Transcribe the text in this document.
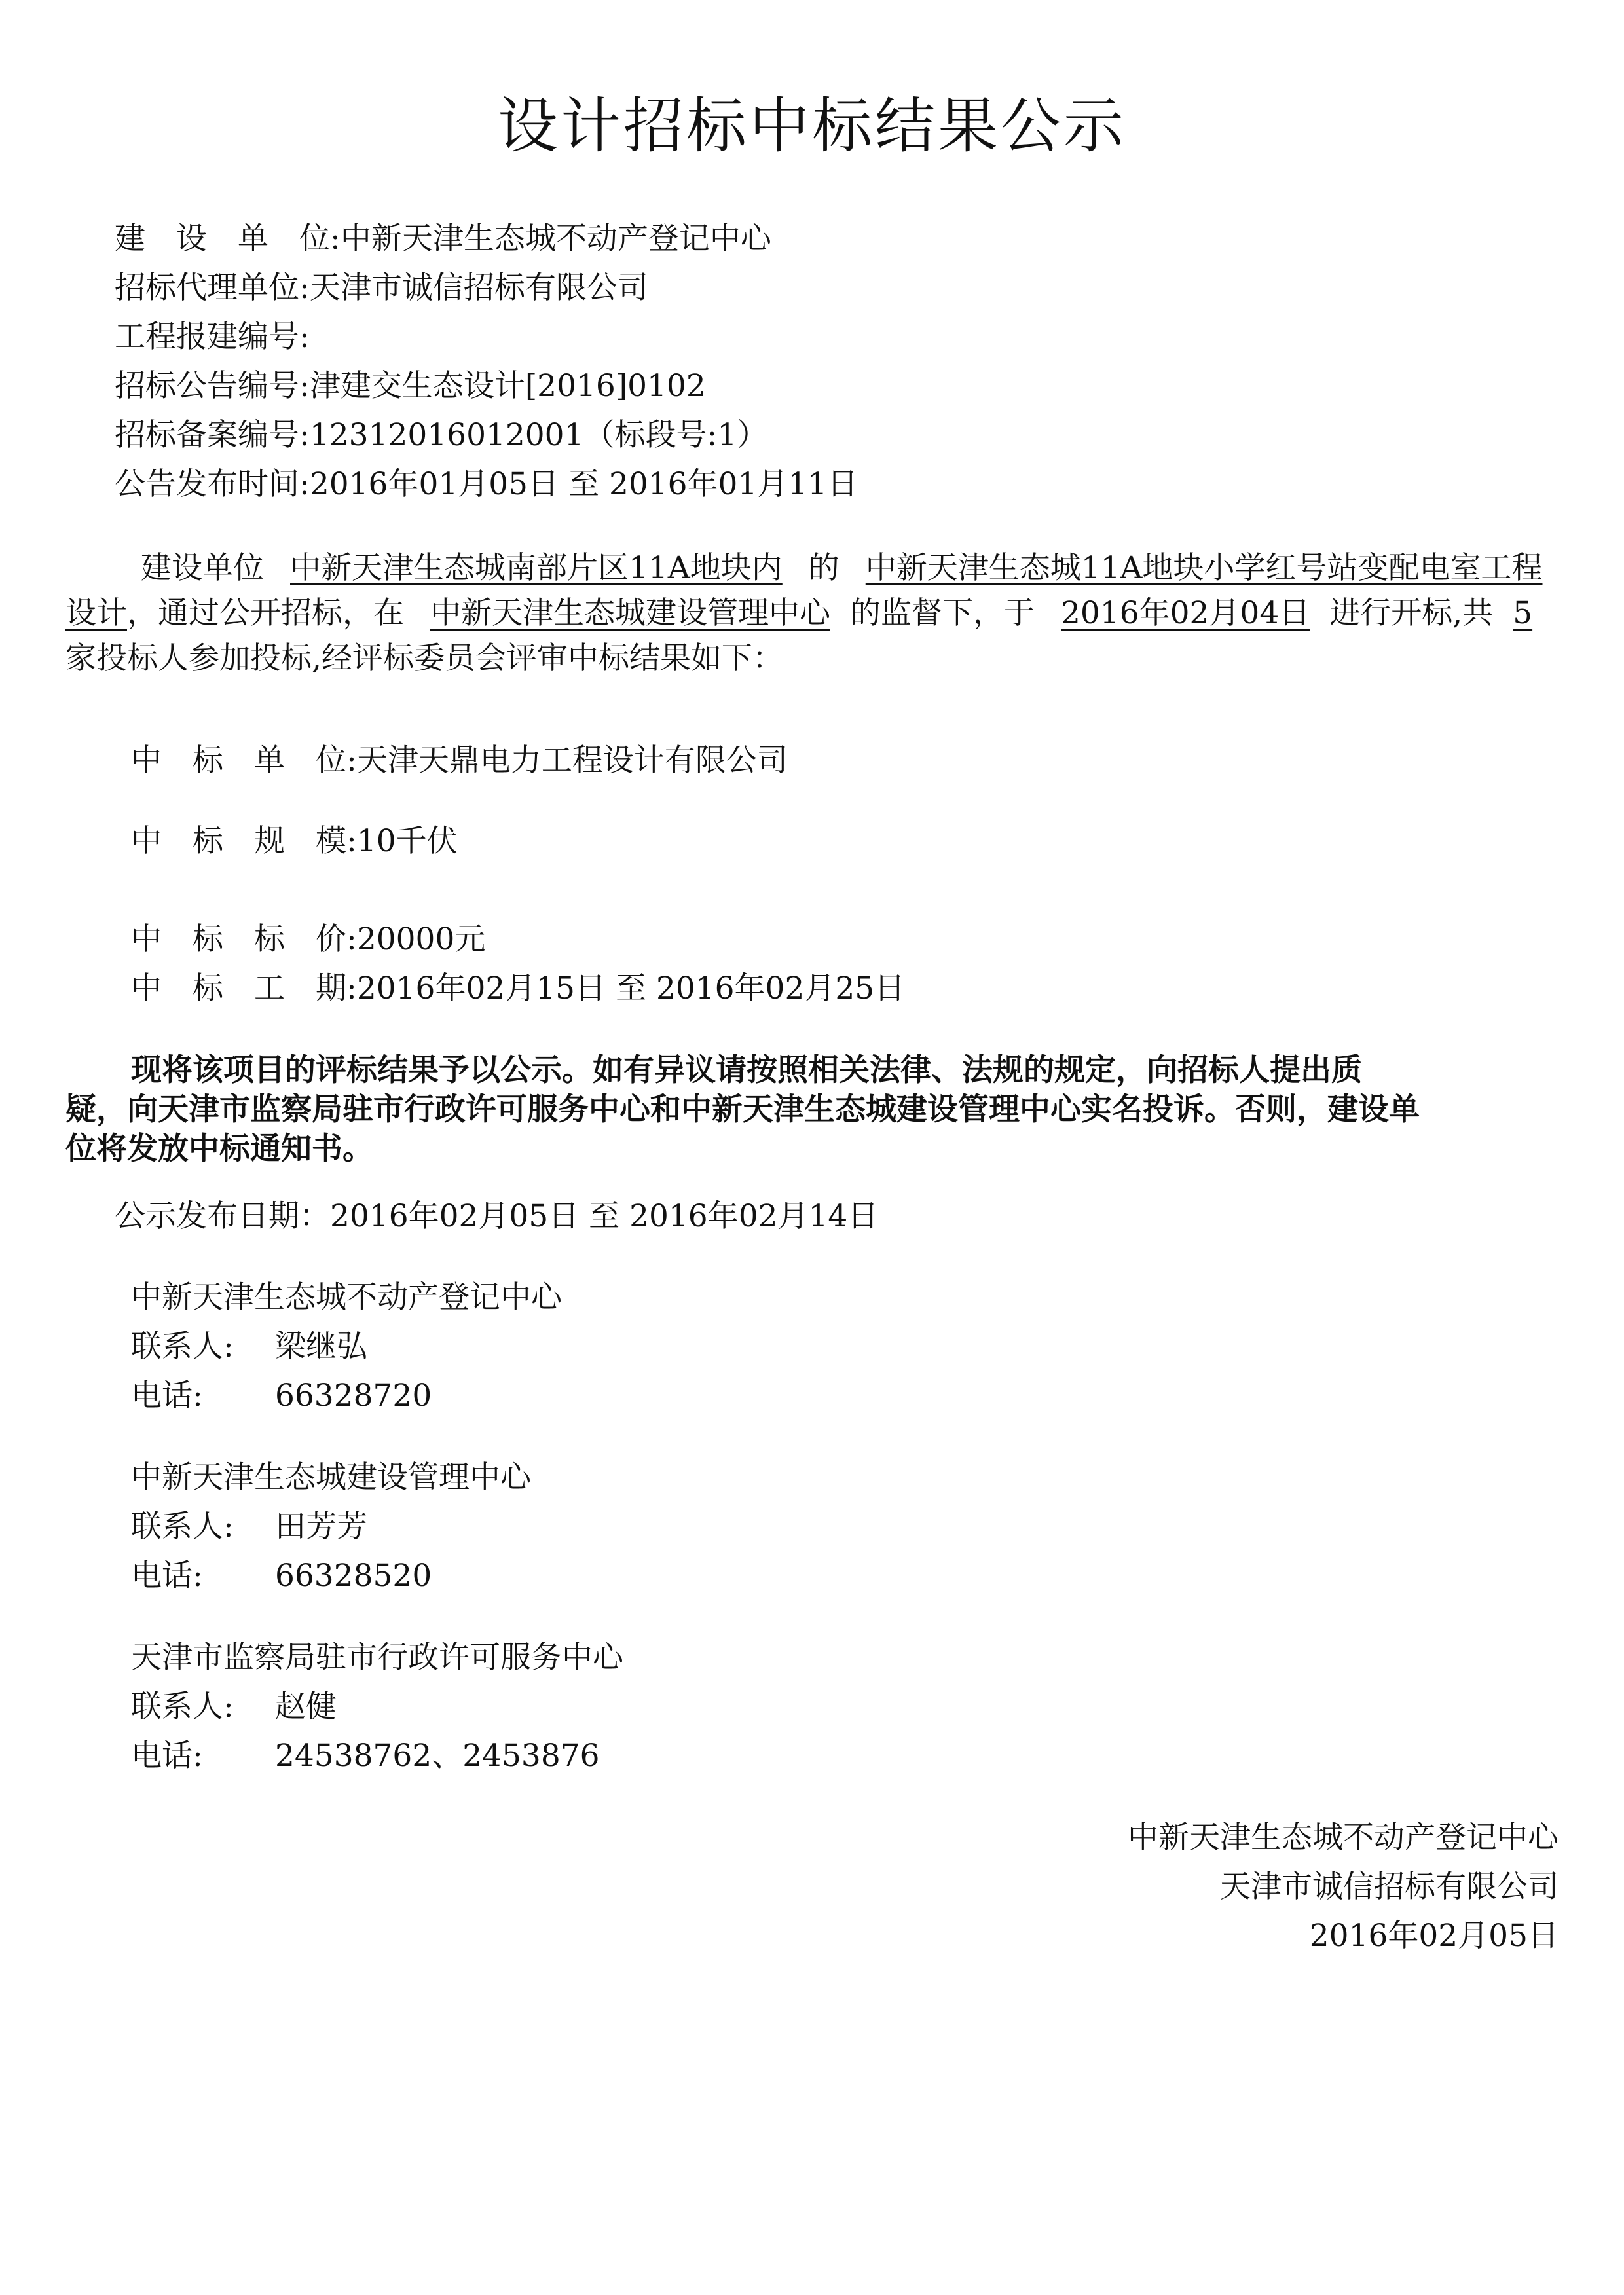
设计招标中标结果公示
建　设　单　位:中新天津生态城不动产登记中心
招标代理单位:天津市诚信招标有限公司
工程报建编号:
招标公告编号:津建交生态设计[2016]0102
招标备案编号:12312016012001（标段号:1）
公告发布时间:2016年01月05日 至 2016年01月11日
建设单位 中新天津生态城南部片区11A地块内 的 中新天津生态城11A地块小学红号站变配电室工程
设计，通过公开招标，在 中新天津生态城建设管理中心 的监督下，于 2016年02月04日 进行开标,共 5
家投标人参加投标,经评标委员会评审中标结果如下：
中　标　单　位:天津天鼎电力工程设计有限公司
中　标　规　模:10千伏
中　标　标　价:20000元
中　标　工　期:2016年02月15日 至 2016年02月25日
现将该项目的评标结果予以公示。如有异议请按照相关法律、法规的规定，向招标人提出质
疑，向天津市监察局驻市行政许可服务中心和中新天津生态城建设管理中心实名投诉。否则，建设单
位将发放中标通知书。
公示发布日期：2016年02月05日 至 2016年02月14日
中新天津生态城不动产登记中心
联系人: 梁继弘
电话: 66328720
中新天津生态城建设管理中心
联系人: 田芳芳
电话: 66328520
天津市监察局驻市行政许可服务中心
联系人: 赵健
电话: 24538762、2453876
中新天津生态城不动产登记中心
天津市诚信招标有限公司
2016年02月05日
